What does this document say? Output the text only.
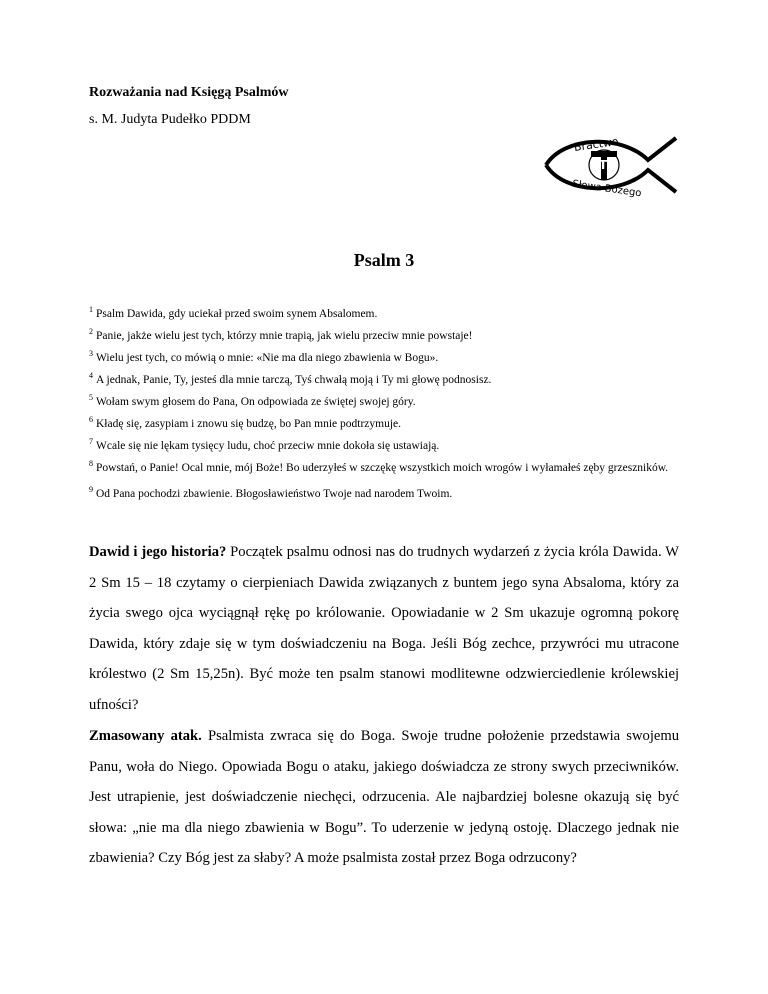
Rozważania nad Księgą Psalmów
s. M. Judyta Pudełko PDDM
Bractwo
Słowa Bożego
T
Psalm 3
$^1$ Psalm Dawida, gdy uciekał przed swoim synem Absalomem.
$^2$ Panie, jakże wielu jest tych, którzy mnie trapią, jak wielu przeciw mnie powstaje!
$^3$ Wielu jest tych, co mówią o mnie: «Nie ma dla niego zbawienia w Bogu».
$^4$ A jednak, Panie, Ty, jesteś dla mnie tarczą, Tyś chwałą moją i Ty mi głowę podnosisz.
$^5$ Wołam swym głosem do Pana, On odpowiada ze świętej swojej góry.
$^6$ Kładę się, zasypiam i znowu się budzę, bo Pan mnie podtrzymuje.
$^7$ Wcale się nie lękam tysięcy ludu, choć przeciw mnie dokoła się ustawiają.
$^8$ Powstań, o Panie! Ocal mnie, mój Boże! Bo uderzyłeś w szczękę wszystkich moich wrogów i wyłamałeś zęby grzeszników.
$^9$ Od Pana pochodzi zbawienie. Błogosławieństwo Twoje nad narodem Twoim.
Dawid i jego historia? Początek psalmu odnosi nas do trudnych wydarzeń z życia króla Dawida. W 2 Sm 15 – 18 czytamy o cierpieniach Dawida związanych z buntem jego syna Absaloma, który za życia swego ojca wyciągnął rękę po królowanie. Opowiadanie w 2 Sm ukazuje ogromną pokorę Dawida, który zdaje się w tym doświadczeniu na Boga. Jeśli Bóg zechce, przywróci mu utracone królestwo (2 Sm 15,25n). Być może ten psalm stanowi modlitewne odzwierciedlenie królewskiej ufności?
Zmasowany atak. Psalmista zwraca się do Boga. Swoje trudne położenie przedstawia swojemu Panu, woła do Niego. Opowiada Bogu o ataku, jakiego doświadcza ze strony swych przeciwników. Jest utrapienie, jest doświadczenie niechęci, odrzucenia. Ale najbardziej bolesne okazują się być słowa: „nie ma dla niego zbawienia w Bogu”. To uderzenie w jedyną ostoję. Dlaczego jednak nie zbawienia? Czy Bóg jest za słaby? A może psalmista został przez Boga odrzucony?
